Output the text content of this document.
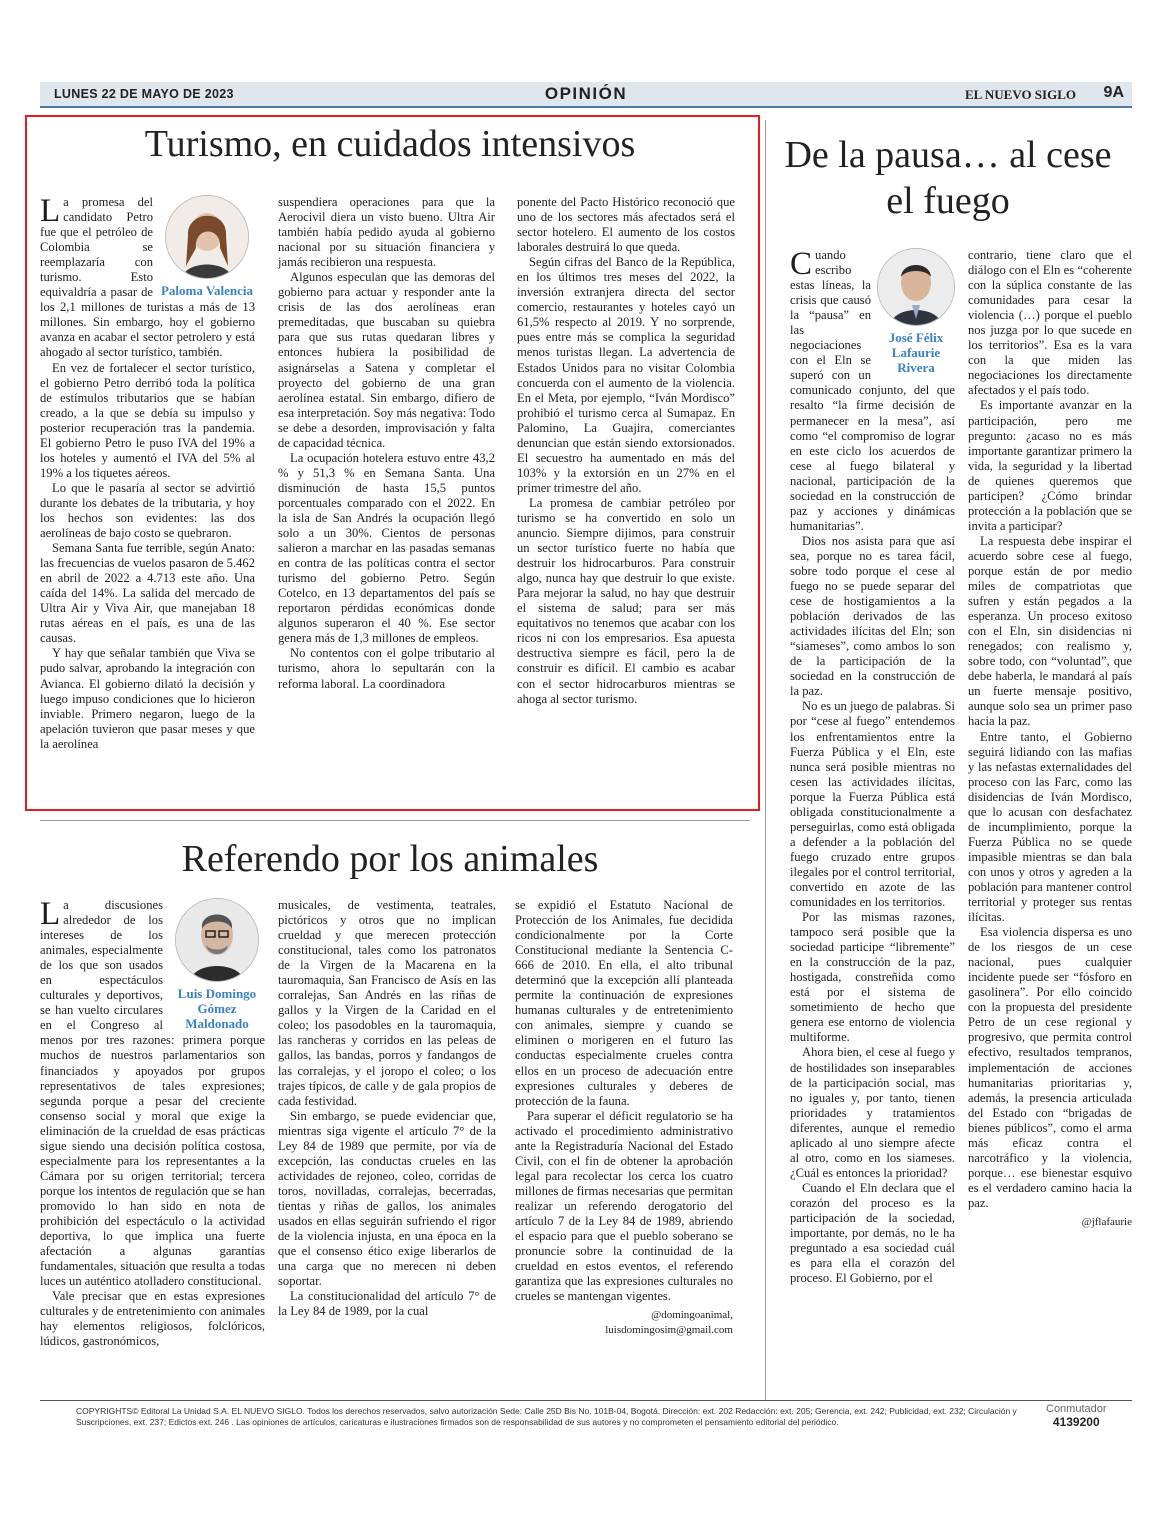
LUNES 22 DE MAYO DE 2023	OPINIÓN	EL NUEVO SIGLO 9A
Turismo, en cuidados intensivos
Paloma Valencia

La promesa del candidato Petro fue que el petróleo de Colombia se reemplazaría con turismo. Esto equivaldría a pasar de los 2,1 millones de turistas a más de 13 millones. Sin embargo, hoy el gobierno avanza en acabar el sector petrolero y está ahogado al sector turístico, también.

En vez de fortalecer el sector turístico, el gobierno Petro derribó toda la política de estímulos tributarios que se habían creado, a la que se debía su impulso y posterior recuperación tras la pandemia. El gobierno Petro le puso IVA del 19% a los hoteles y aumentó el IVA del 5% al 19% a los tiquetes aéreos.

Lo que le pasaría al sector se advirtió durante los debates de la tributaria, y hoy los hechos son evidentes: las dos aerolíneas de bajo costo se quebraron.

Semana Santa fue terrible, según Anato: las frecuencias de vuelos pasaron de 5.462 en abril de 2022 a 4.713 este año. Una caída del 14%. La salida del mercado de Ultra Air y Viva Air, que manejaban 18 rutas aéreas en el país, es una de las causas.

Y hay que señalar también que Viva se pudo salvar, aprobando la integración con Avianca. El gobierno dilató la decisión y luego impuso condiciones que lo hicieron inviable. Primero negaron, luego de la apelación tuvieron que pasar meses y que la aerolínea

suspendiera operaciones para que la Aerocivil diera un visto bueno. Ultra Air también había pedido ayuda al gobierno nacional por su situación financiera y jamás recibieron una respuesta.

Algunos especulan que las demoras del gobierno para actuar y responder ante la crisis de las dos aerolíneas eran premeditadas, que buscaban su quiebra para que sus rutas quedaran libres y entonces hubiera la posibilidad de asignárselas a Satena y completar el proyecto del gobierno de una gran aerolínea estatal. Sin embargo, difiero de esa interpretación. Soy más negativa: Todo se debe a desorden, improvisación y falta de capacidad técnica.

La ocupación hotelera estuvo entre 43,2 % y 51,3 % en Semana Santa. Una disminución de hasta 15,5 puntos porcentuales comparado con el 2022. En la isla de San Andrés la ocupación llegó solo a un 30%. Cientos de personas salieron a marchar en las pasadas semanas en contra de las políticas contra el sector turismo del gobierno Petro. Según Cotelco, en 13 departamentos del país se reportaron pérdidas económicas donde algunos superaron el 40 %. Ese sector genera más de 1,3 millones de empleos.

No contentos con el golpe tributario al turismo, ahora lo sepultarán con la reforma laboral. La coordinadora

ponente del Pacto Histórico reconoció que uno de los sectores más afectados será el sector hotelero. El aumento de los costos laborales destruirá lo que queda.

Según cifras del Banco de la República, en los últimos tres meses del 2022, la inversión extranjera directa del sector comercio, restaurantes y hoteles cayó un 61,5% respecto al 2019. Y no sorprende, pues entre más se complica la seguridad menos turistas llegan. La advertencia de Estados Unidos para no visitar Colombia concuerda con el aumento de la violencia. En el Meta, por ejemplo, “Iván Mordisco” prohibió el turismo cerca al Sumapaz. En Palomino, La Guajira, comerciantes denuncian que están siendo extorsionados. El secuestro ha aumentado en más del 103% y la extorsión en un 27% en el primer trimestre del año.

La promesa de cambiar petróleo por turismo se ha convertido en solo un anuncio. Siempre dijimos, para construir un sector turístico fuerte no había que destruir los hidrocarburos. Para construir algo, nunca hay que destruir lo que existe. Para mejorar la salud, no hay que destruir el sistema de salud; para ser más equitativos no tenemos que acabar con los ricos ni con los empresarios. Esa apuesta destructiva siempre es fácil, pero la de construir es difícil. El cambio es acabar con el sector hidrocarburos mientras se ahoga al sector turismo.

Referendo por los animales
Luis Domingo Gómez Maldonado

La discusiones alrededor de los intereses de los animales, especialmente de los que son usados en espectáculos culturales y deportivos, se han vuelto circulares en el Congreso al menos por tres razones: primera porque muchos de nuestros parlamentarios son financiados y apoyados por grupos representativos de tales expresiones; segunda porque a pesar del creciente consenso social y moral que exige la eliminación de la crueldad de esas prácticas sigue siendo una decisión política costosa, especialmente para los representantes a la Cámara por su origen territorial; tercera porque los intentos de regulación que se han promovido lo han sido en nota de prohibición del espectáculo o la actividad deportiva, lo que implica una fuerte afectación a algunas garantías fundamentales, situación que resulta a todas luces un auténtico atolladero constitucional.

Vale precisar que en estas expresiones culturales y de entretenimiento con animales hay elementos religiosos, folclóricos, lúdicos, gastronómicos,

musicales, de vestimenta, teatrales, pictóricos y otros que no implican crueldad y que merecen protección constitucional, tales como los patronatos de la Virgen de la Macarena en la tauromaquia, San Francisco de Asís en las corralejas, San Andrés en las riñas de gallos y la Virgen de la Caridad en el coleo; los pasodobles en la tauromaquia, las rancheras y corridos en las peleas de gallos, las bandas, porros y fandangos de las corralejas, y el joropo el coleo; o los trajes típicos, de calle y de gala propios de cada festividad.

Sin embargo, se puede evidenciar que, mientras siga vigente el artículo 7° de la Ley 84 de 1989 que permite, por vía de excepción, las conductas crueles en las actividades de rejoneo, coleo, corridas de toros, novilladas, corralejas, becerradas, tientas y riñas de gallos, los animales usados en ellas seguirán sufriendo el rigor de la violencia injusta, en una época en la que el consenso ético exige liberarlos de una carga que no merecen ni deben soportar.

La constitucionalidad del artículo 7° de la Ley 84 de 1989, por la cual

se expidió el Estatuto Nacional de Protección de los Animales, fue decidida condicionalmente por la Corte Constitucional mediante la Sentencia C-666 de 2010. En ella, el alto tribunal determinó que la excepción allí planteada permite la continuación de expresiones humanas culturales y de entretenimiento con animales, siempre y cuando se eliminen o morigeren en el futuro las conductas especialmente crueles contra ellos en un proceso de adecuación entre expresiones culturales y deberes de protección de la fauna.

Para superar el déficit regulatorio se ha activado el procedimiento administrativo ante la Registraduría Nacional del Estado Civil, con el fin de obtener la aprobación legal para recolectar los cerca los cuatro millones de firmas necesarias que permitan realizar un referendo derogatorio del artículo 7 de la Ley 84 de 1989, abriendo el espacio para que el pueblo soberano se pronuncie sobre la continuidad de la crueldad en estos eventos, el referendo garantiza que las expresiones culturales no crueles se mantengan vigentes.

@domingoanimal,
luisdomingosim@gmail.com
De la pausa… al cese el fuego
José Félix Lafaurie Rivera

Cuando escribo estas líneas, la crisis que causó la “pausa” en las negociaciones con el Eln se superó con un comunicado conjunto, del que resalto “la firme decisión de permanecer en la mesa”, así como “el compromiso de lograr en este ciclo los acuerdos de cese al fuego bilateral y nacional, participación de la sociedad en la construcción de paz y acciones y dinámicas humanitarias”.

Dios nos asista para que así sea, porque no es tarea fácil, sobre todo porque el cese al fuego no se puede separar del cese de hostigamientos a la población derivados de las actividades ilícitas del Eln; son “siameses”, como ambos lo son de la participación de la sociedad en la construcción de la paz.

No es un juego de palabras. Si por “cese al fuego” entendemos los enfrentamientos entre la Fuerza Pública y el Eln, este nunca será posible mientras no cesen las actividades ilícitas, porque la Fuerza Pública está obligada constitucionalmente a perseguirlas, como está obligada a defender a la población del fuego cruzado entre grupos ilegales por el control territorial, convertido en azote de las comunidades en los territorios.

Por las mismas razones, tampoco será posible que la sociedad participe “libremente” en la construcción de la paz, hostigada, constreñida como está por el sistema de sometimiento de hecho que genera ese entorno de violencia multiforme.

Ahora bien, el cese al fuego y de hostilidades son inseparables de la participación social, mas no iguales y, por tanto, tienen prioridades y tratamientos diferentes, aunque el remedio aplicado al uno siempre afecte al otro, como en los siameses. ¿Cuál es entonces la prioridad?

Cuando el Eln declara que el corazón del proceso es la participación de la sociedad, importante, por demás, no le ha preguntado a esa sociedad cuál es para ella el corazón del proceso. El Gobierno, por el

contrario, tiene claro que el diálogo con el Eln es “coherente con la súplica constante de las comunidades para cesar la violencia (…) porque el pueblo nos juzga por lo que sucede en los territorios”. Esa es la vara con la que miden las negociaciones los directamente afectados y el país todo.

Es importante avanzar en la participación, pero me pregunto: ¿acaso no es más importante garantizar primero la vida, la seguridad y la libertad de quienes queremos que participen? ¿Cómo brindar protección a la población que se invita a participar?

La respuesta debe inspirar el acuerdo sobre cese al fuego, porque están de por medio miles de compatriotas que sufren y están pegados a la esperanza. Un proceso exitoso con el Eln, sin disidencias ni renegados; con realismo y, sobre todo, con “voluntad”, que debe haberla, le mandará al país un fuerte mensaje positivo, aunque solo sea un primer paso hacia la paz.

Entre tanto, el Gobierno seguirá lidiando con las mafias y las nefastas externalidades del proceso con las Farc, como las disidencias de Iván Mordisco, que lo acusan con desfachatez de incumplimiento, porque la Fuerza Pública no se quede impasible mientras se dan bala con unos y otros y agreden a la población para mantener control territorial y proteger sus rentas ilícitas.

Esa violencia dispersa es uno de los riesgos de un cese nacional, pues cualquier incidente puede ser “fósforo en gasolinera”. Por ello coincido con la propuesta del presidente Petro de un cese regional y progresivo, que permita control efectivo, resultados tempranos, implementación de acciones humanitarias prioritarias y, además, la presencia articulada del Estado con “brigadas de bienes públicos”, como el arma más eficaz contra el narcotráfico y la violencia, porque… ese bienestar esquivo es el verdadero camino hacia la paz.

@jflafaurie
COPYRIGHTS© Editoral La Unidad S.A. EL NUEVO SIGLO. Todos los derechos reservados, salvo autorización Sede: Calle 25D Bis No. 101B-04, Bogotá. Dirección: ext. 202 Redacción: ext. 205; Gerencia, ext. 242; Publicidad, ext. 232; Circulación y Suscripciones, ext. 237; Edictos ext. 246 . Las opiniones de artículos, caricaturas e ilustraciones firmados son de responsabilidad de sus autores y no comprometen el pensamiento editorial del periódico.
Conmutador
4139200
